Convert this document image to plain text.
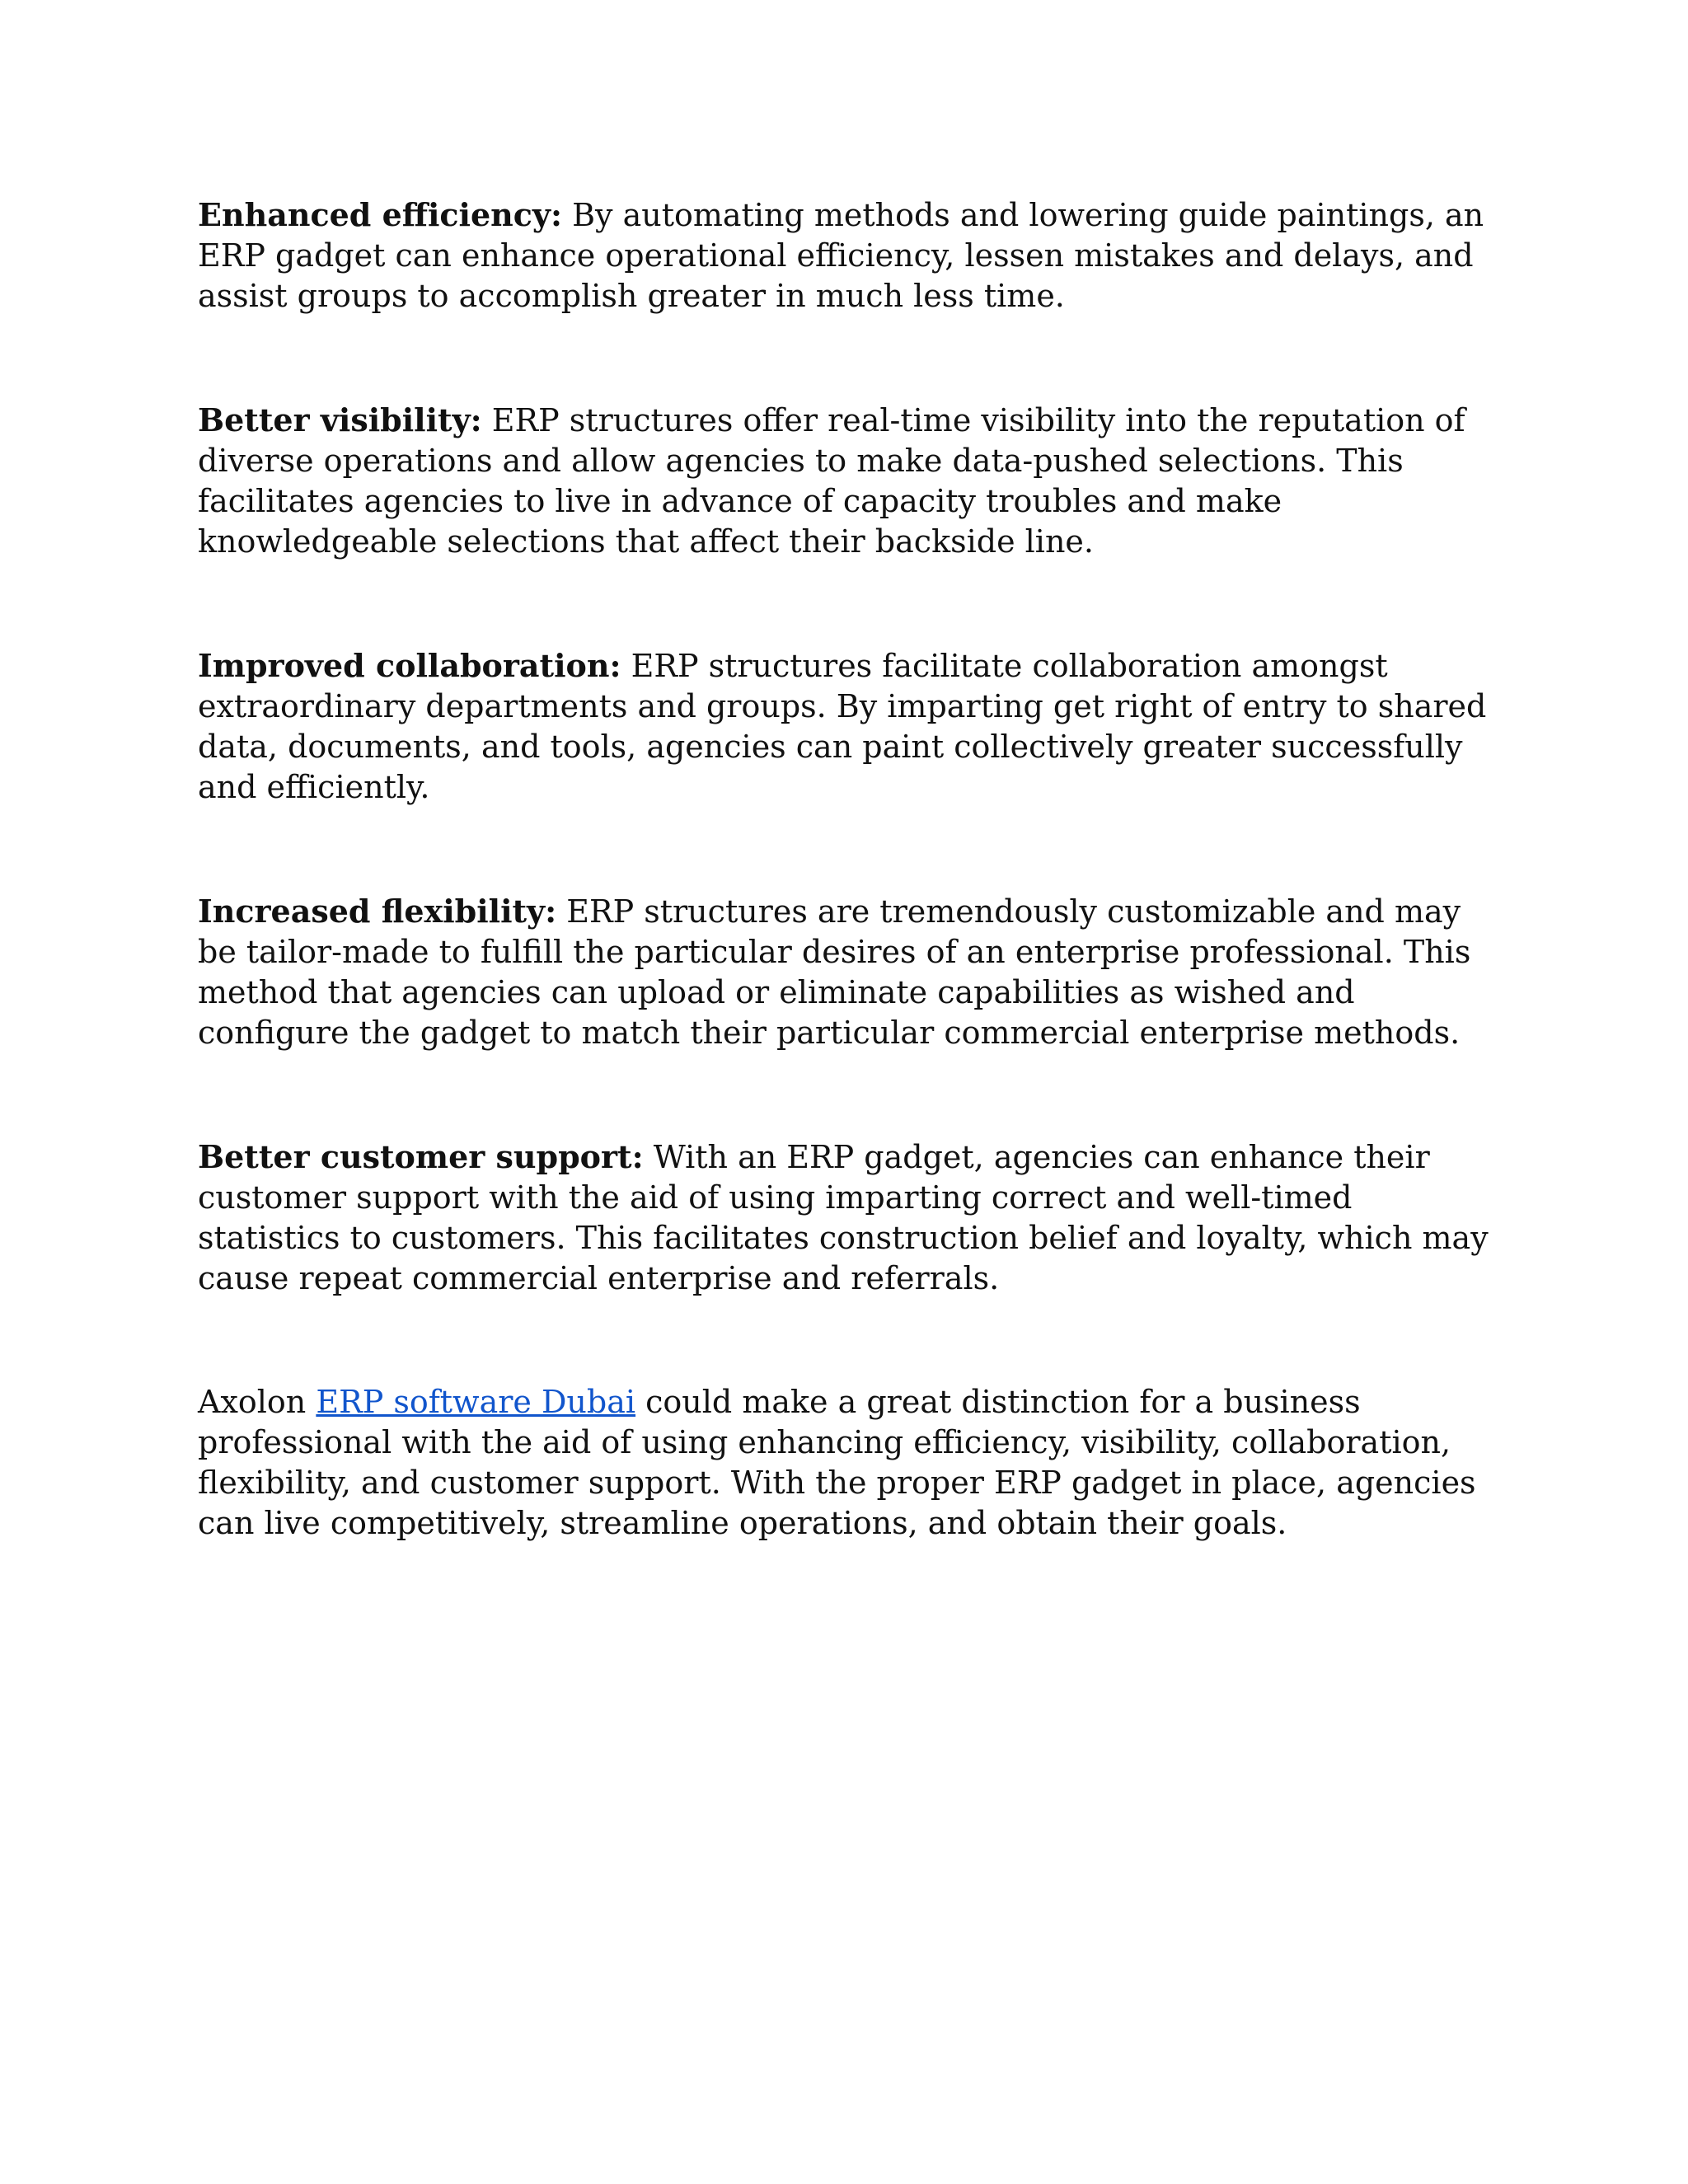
Enhanced efficiency: By automating methods and lowering guide paintings, an ERP gadget can enhance operational efficiency, lessen mistakes and delays, and assist groups to accomplish greater in much less time.

Better visibility: ERP structures offer real-time visibility into the reputation of diverse operations and allow agencies to make data-pushed selections. This facilitates agencies to live in advance of capacity troubles and make knowledgeable selections that affect their backside line.

Improved collaboration: ERP structures facilitate collaboration amongst extraordinary departments and groups. By imparting get right of entry to shared data, documents, and tools, agencies can paint collectively greater successfully and efficiently.

Increased flexibility: ERP structures are tremendously customizable and may be tailor-made to fulfill the particular desires of an enterprise professional. This method that agencies can upload or eliminate capabilities as wished and configure the gadget to match their particular commercial enterprise methods.

Better customer support: With an ERP gadget, agencies can enhance their customer support with the aid of using imparting correct and well-timed statistics to customers. This facilitates construction belief and loyalty, which may cause repeat commercial enterprise and referrals.

Axolon ERP software Dubai could make a great distinction for a business professional with the aid of using enhancing efficiency, visibility, collaboration, flexibility, and customer support. With the proper ERP gadget in place, agencies can live competitively, streamline operations, and obtain their goals.
